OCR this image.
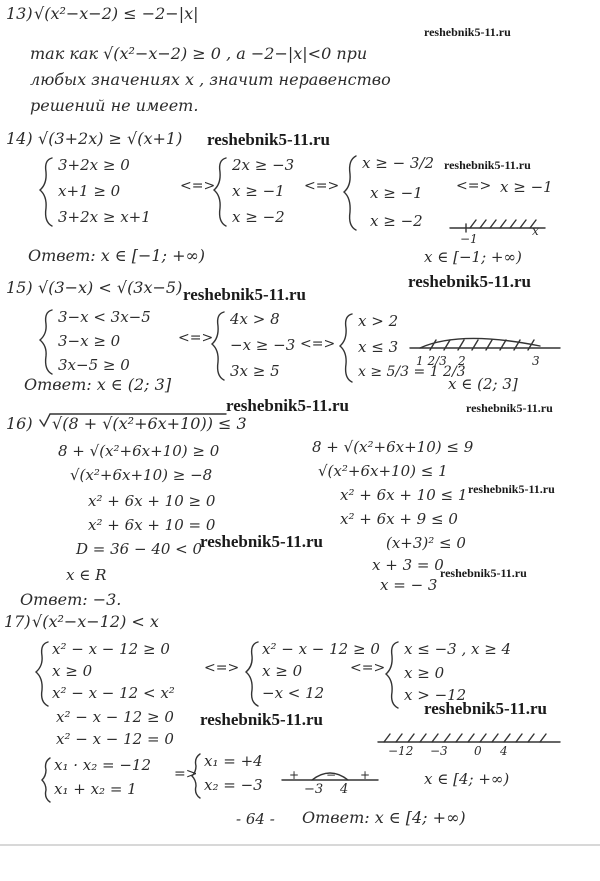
13) √(x²−x−2) ≤ −2−|x|
reshebnik5-11.ru
так как √(x²−x−2) ≥ 0 , а −2−|x|<0 при
любых значениях x , значит неравенство
решений не имеет.
14) √(3+2x) ≥ √(x+1) reshebnik5-11.ru
3+2x ≥ 0
x+1 ≥ 0
3+2x ≥ x+1
<=>
2x ≥ −3
x ≥ −1
x ≥ −2
<=>
x ≥ − 3/2
x ≥ −1
x ≥ −2
reshebnik5-11.ru
<=> x ≥ −1
−1
x
Ответ: x ∈ [−1; +∞)	x ∈ [−1; +∞)
reshebnik5-11.ru
15) √(3−x) < √(3x−5) reshebnik5-11.ru
3−x < 3x−5
3−x ≥ 0
3x−5 ≥ 0
<=>
4x > 8
−x ≥ −3
3x ≥ 5
<=>
x > 2
x ≤ 3
x ≥ 5/3 = 1 2/3
1 2/3 2	3
Ответ: x ∈ (2; 3]	x ∈ (2; 3]
reshebnik5-11.ru
reshebnik5-11.ru
16) √(8 + √(x²+6x+10)) ≤ 3
8 + √(x²+6x+10) ≥ 0
√(x²+6x+10) ≥ −8
x² + 6x + 10 ≥ 0
x² + 6x + 10 = 0
D = 36 − 40 < 0
x ∈ R
8 + √(x²+6x+10) ≤ 9
√(x²+6x+10) ≤ 1
x² + 6x + 10 ≤ 1 reshebnik5-11.ru
x² + 6x + 9 ≤ 0
reshebnik5-11.ru	(x+3)² ≤ 0
x + 3 = 0
reshebnik5-11.ru
x = − 3
Ответ: −3.
17) √(x²−x−12) < x
x² − x − 12 ≥ 0
x ≥ 0
x² − x − 12 < x²
<=>
x² − x − 12 ≥ 0
x ≥ 0
−x < 12
<=>
x ≤ −3 , x ≥ 4
x ≥ 0
x > −12
reshebnik5-11.ru
x² − x − 12 ≥ 0 reshebnik5-11.ru
x² − x − 12 = 0
−12 −3 0 4
x₁ · x₂ = −12
x₁ + x₂ = 1
=>
x₁ = +4
x₂ = −3
+ − +
−3 4
x ∈ [4; +∞)
- 64 - Ответ: x ∈ [4; +∞)
